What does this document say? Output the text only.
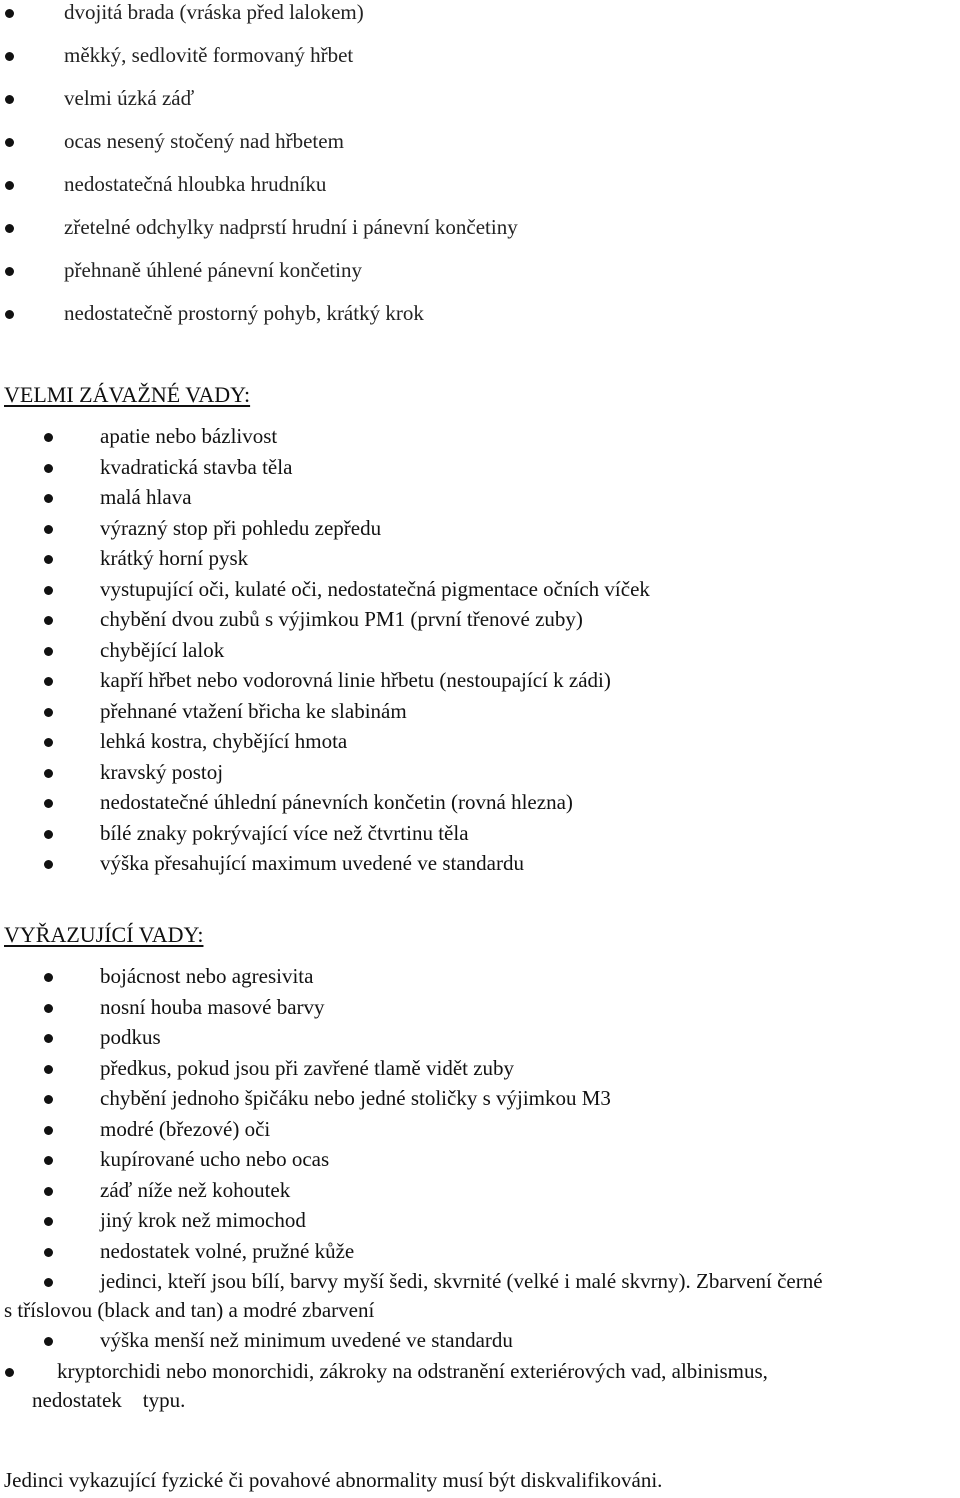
dvojitá brada (vráska před lalokem)
měkký, sedlovitě formovaný hřbet
velmi úzká záď
ocas nesený stočený nad hřbetem
nedostatečná hloubka hrudníku
zřetelné odchylky nadprstí hrudní i pánevní končetiny
přehnaně úhlené pánevní končetiny
nedostatečně prostorný pohyb, krátký krok
VELMI ZÁVAŽNÉ VADY:
apatie nebo bázlivost
kvadratická stavba těla
malá hlava
výrazný stop při pohledu zepředu
krátký horní pysk
vystupující oči, kulaté oči, nedostatečná pigmentace očních víček
chybění dvou zubů s výjimkou PM1 (první třenové zuby)
chybějící lalok
kapří hřbet nebo vodorovná linie hřbetu (nestoupající k zádi)
přehnané vtažení břicha ke slabinám
lehká kostra, chybějící hmota
kravský postoj
nedostatečné úhlední pánevních končetin (rovná hlezna)
bílé znaky pokrývající více než čtvrtinu těla
výška přesahující maximum uvedené ve standardu
VYŘAZUJÍCÍ VADY:
bojácnost nebo agresivita
nosní houba masové barvy
podkus
předkus, pokud jsou při zavřené tlamě vidět zuby
chybění jednoho špičáku nebo jedné stoličky s výjimkou M3
modré (březové) oči
kupírované ucho nebo ocas
záď níže než kohoutek
jiný krok než mimochod
nedostatek volné, pružné kůže
jedinci, kteří jsou bílí, barvy myší šedi, skvrnité (velké i malé skvrny). Zbarvení černé
s tříslovou (black and tan) a modré zbarvení
výška menší než minimum uvedené ve standardu
kryptorchidi nebo monorchidi, zákroky na odstranění exteriérových vad, albinismus,
nedostatek    typu.
Jedinci vykazující fyzické či povahové abnormality musí být diskvalifikováni.
